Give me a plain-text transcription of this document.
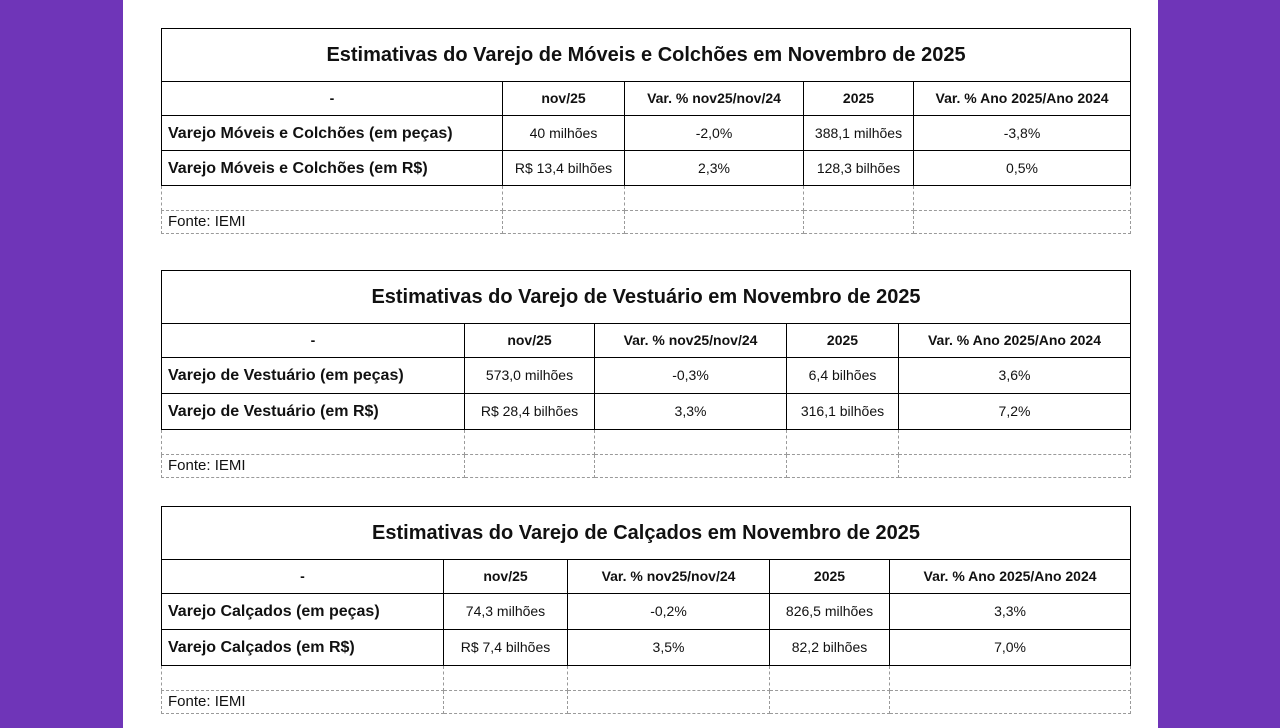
Estimativas do Varejo de Móveis e Colchões em Novembro de 2025				
-	nov/25	Var. % nov25/nov/24	2025	Var. % Ano 2025/Ano 2024
Varejo Móveis e Colchões (em peças)	40 milhões	-2,0%	388,1 milhões	-3,8%
Varejo Móveis e Colchões (em R$)	R$ 13,4 bilhões	2,3%	128,3 bilhões	0,5%

Fonte: IEMI				
Estimativas do Varejo de Vestuário em Novembro de 2025				
-	nov/25	Var. % nov25/nov/24	2025	Var. % Ano 2025/Ano 2024
Varejo de Vestuário (em peças)	573,0 milhões	-0,3%	6,4 bilhões	3,6%
Varejo de Vestuário (em R$)	R$ 28,4 bilhões	3,3%	316,1 bilhões	7,2%

Fonte: IEMI				
Estimativas do Varejo de Calçados em Novembro de 2025				
-	nov/25	Var. % nov25/nov/24	2025	Var. % Ano 2025/Ano 2024
Varejo Calçados (em peças)	74,3 milhões	-0,2%	826,5 milhões	3,3%
Varejo Calçados (em R$)	R$ 7,4 bilhões	3,5%	82,2 bilhões	7,0%

Fonte: IEMI				
